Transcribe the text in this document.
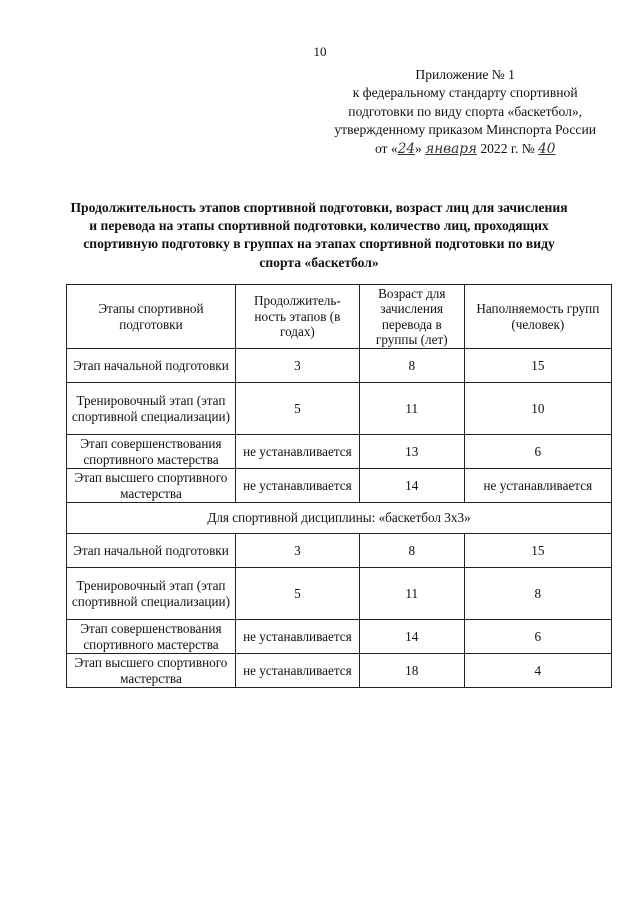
10
Приложение № 1
к федеральному стандарту спортивной
подготовки по виду спорта «баскетбол»,
утвержденному приказом Минспорта России
от «24» января 2022 г. № 40
Продолжительность этапов спортивной подготовки, возраст лиц для зачисления и перевода на этапы спортивной подготовки, количество лиц, проходящих спортивную подготовку в группах на этапах спортивной подготовки по виду спорта «баскетбол»
Этапы спортивной подготовки	Продолжитель- ность этапов (в годах)	Возраст для зачисления перевода в группы (лет)	Наполняемость групп (человек)
Этап начальной подготовки	3	8	15
Тренировочный этап (этап спортивной специализации)	5	11	10
Этап совершенствования спортивного мастерства	не устанавливается	13	6
Этап высшего спортивного мастерства	не устанавливается	14	не устанавливается
Для спортивной дисциплины: «баскетбол 3x3»			
Этап начальной подготовки	3	8	15
Тренировочный этап (этап спортивной специализации)	5	11	8
Этап совершенствования спортивного мастерства	не устанавливается	14	6
Этап высшего спортивного мастерства	не устанавливается	18	4
